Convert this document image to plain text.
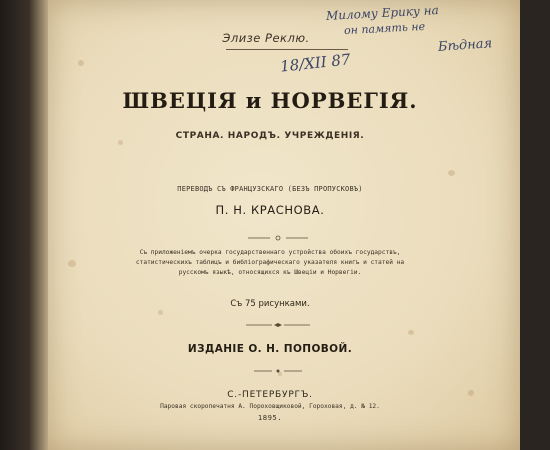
Милому Ерику на
он память не
Бѣдная
18/XII 87
Элизе Реклю.
ШВЕЦІЯ и НОРВЕГІЯ.
СТРАНА. НАРОДЪ. УЧРЕЖДЕНІЯ.
ПЕРЕВОДЪ СЪ ФРАНЦУЗСКАГО (БЕЗЪ ПРОПУСКОВЪ)
П. Н. КРАСНОВА.
Съ приложеніемъ очерка государственнаго устройства обоихъ государствъ,
статистическихъ таблицъ и библіографическаго указателя книгъ и статей на
русскомъ языкѣ, относящихся къ Швеціи и Норвегіи.
Съ 75 рисунками.
ИЗДАНІЕ О. Н. ПОПОВОЙ.
С.-ПЕТЕРБУРГЪ.
Паровая скоропечатня А. Пороховщиковой, Гороховая, д. № 12.
1895.
